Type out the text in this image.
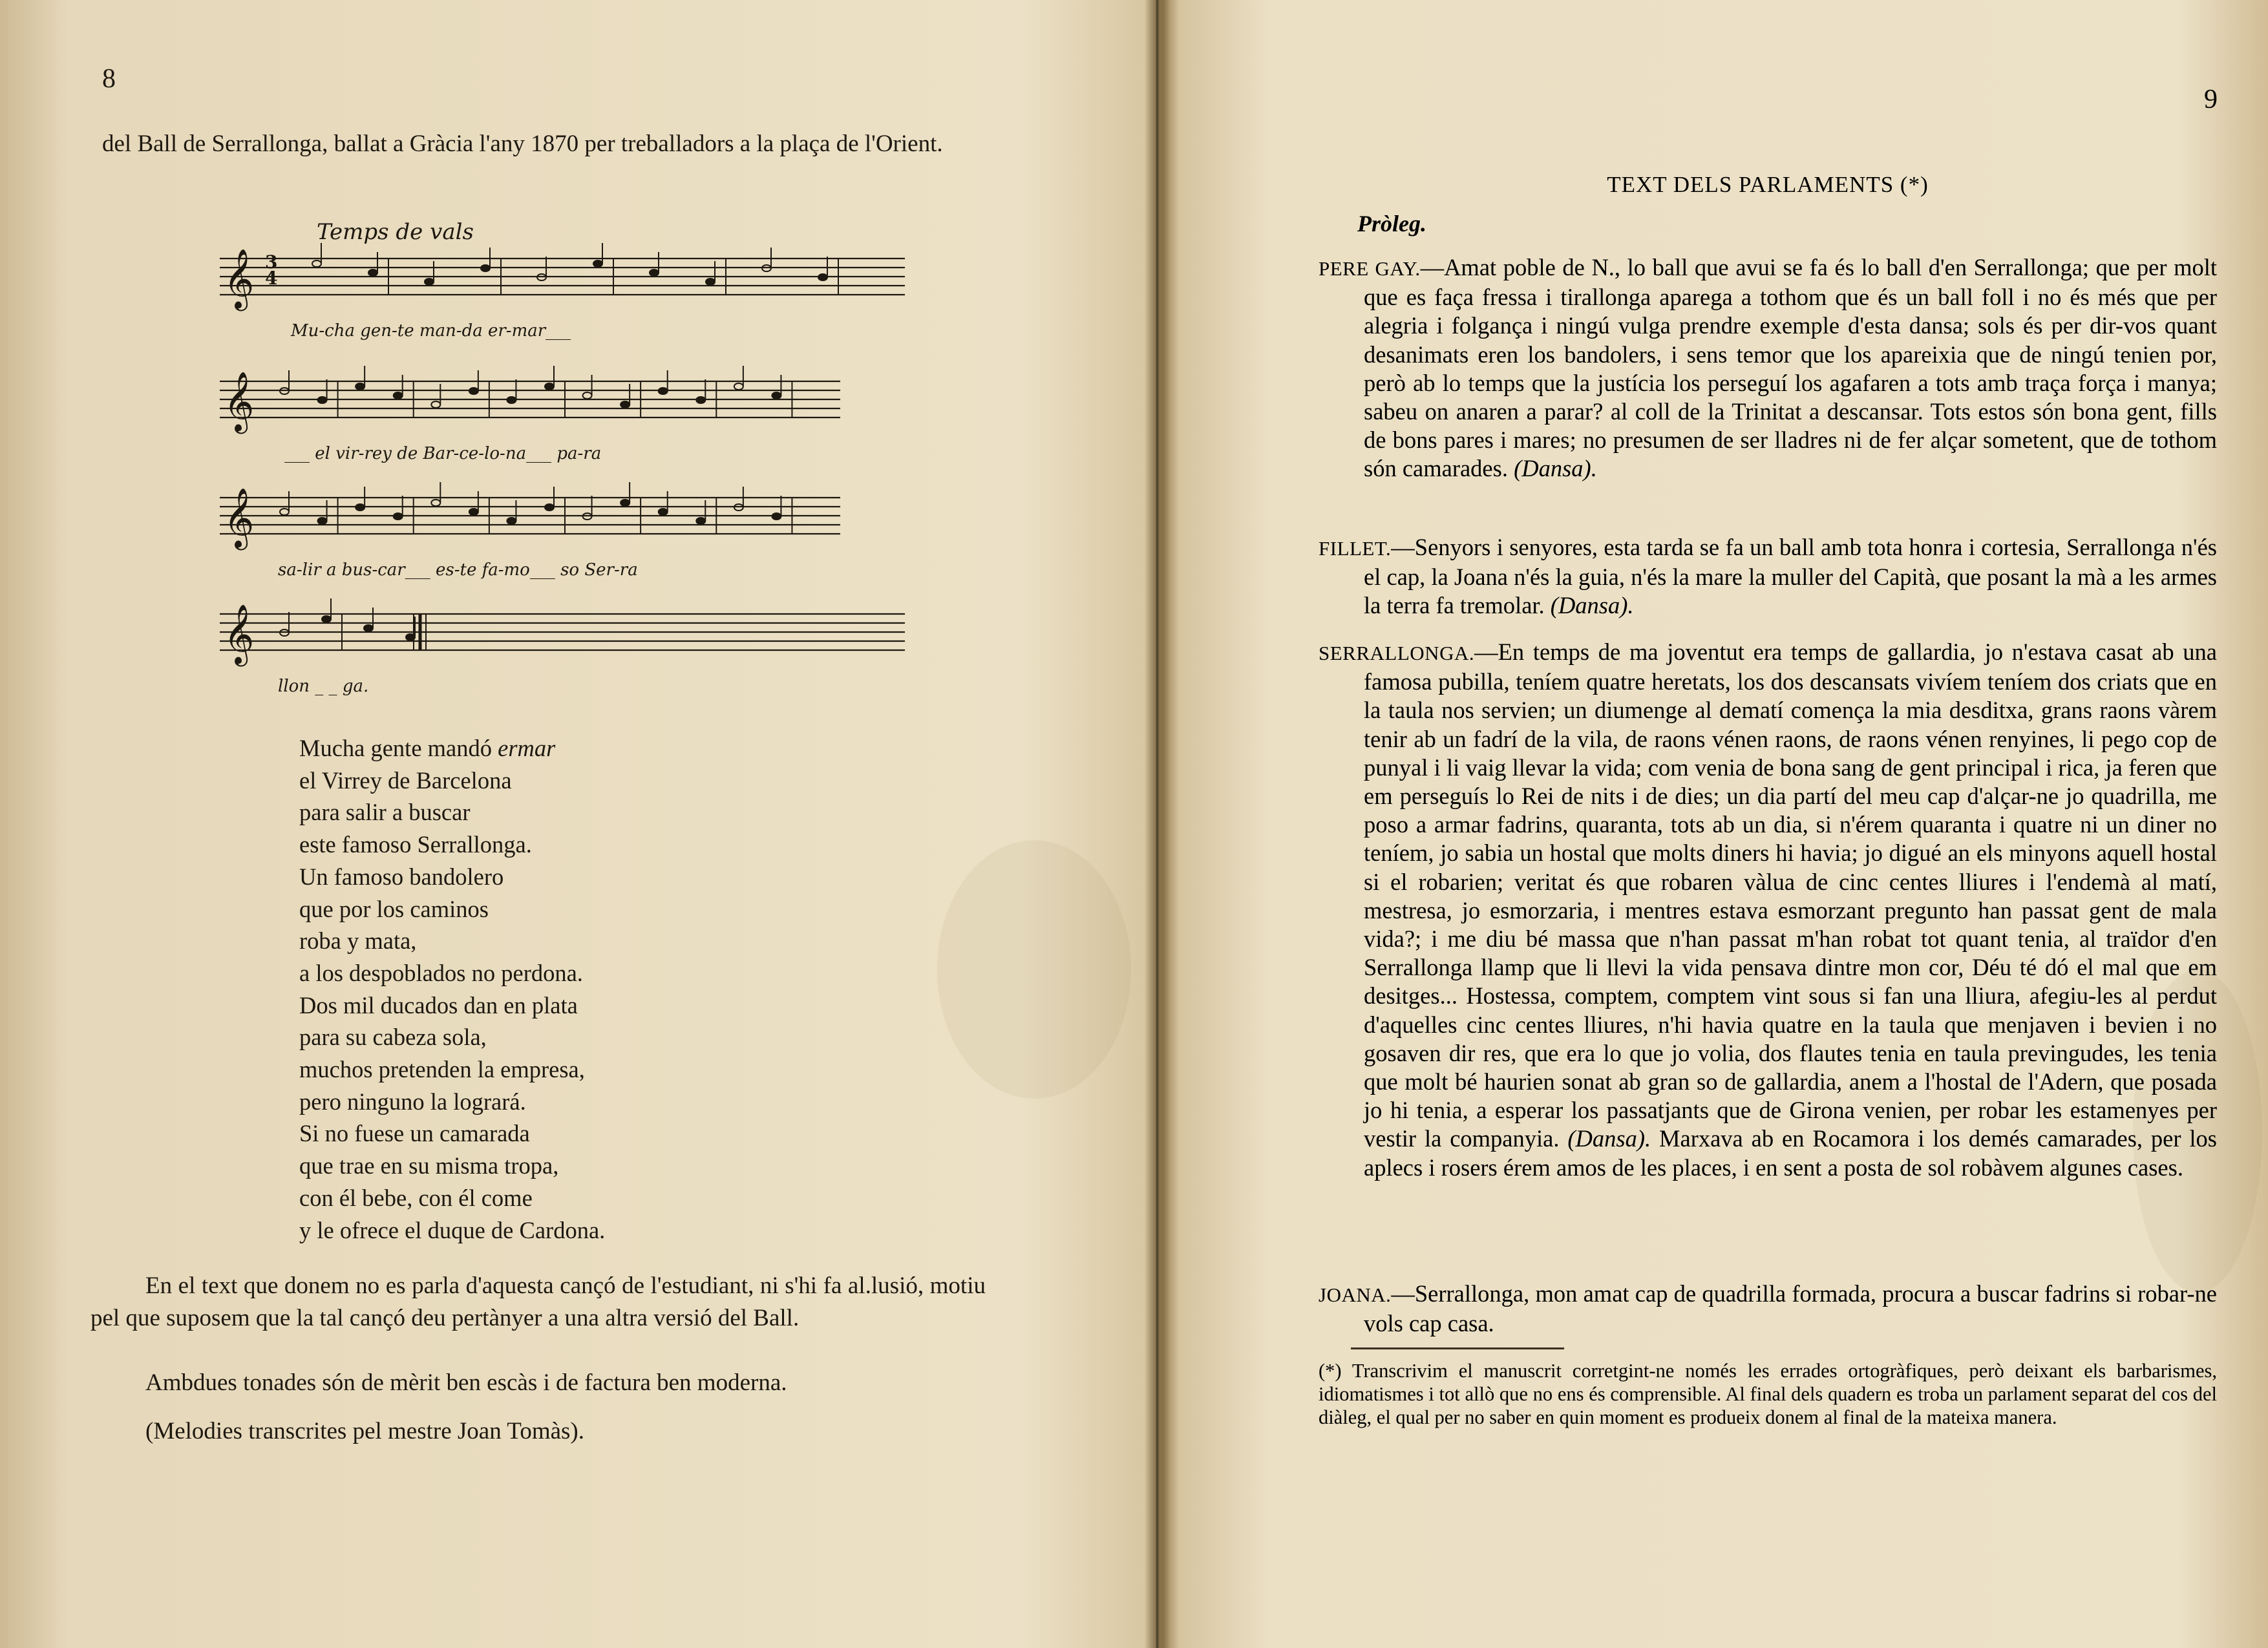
8
del Ball de Serrallonga, ballat a Gràcia l'any 1870 per treballadors a la plaça de l'Orient.
𝄞
𝄞
𝄞
𝄞
Temps de vals
3
4
Mu-cha gen-te man-da er-mar___
___ el vir-rey de Bar-ce-lo-na___ pa-ra
sa-lir a bus-car___ es-te fa-mo___ so Ser-ra
llon _ _ ga.
Mucha gente mandó ermar
el Virrey de Barcelona
para salir a buscar
este famoso Serrallonga.
Un famoso bandolero
que por los caminos
roba y mata,
a los despoblados no perdona.
Dos mil ducados dan en plata
para su cabeza sola,
muchos pretenden la empresa,
pero ninguno la logrará.
Si no fuese un camarada
que trae en su misma tropa,
con él bebe, con él come
y le ofrece el duque de Cardona.
En el text que donem no es parla d'aquesta cançó de l'estudiant, ni s'hi fa al.lusió, motiu pel que suposem que la tal cançó deu pertànyer a una altra versió del Ball.
Ambdues tonades són de mèrit ben escàs i de factura ben moderna.
(Melodies transcrites pel mestre Joan Tomàs).
9
TEXT DELS PARLAMENTS (*)
Pròleg.
PERE GAY.—Amat poble de N., lo ball que avui se fa és lo ball d'en Serrallonga; que per molt que es faça fressa i tirallonga aparega a tothom que és un ball foll i no és més que per alegria i folgança i ningú vulga prendre exemple d'esta dansa; sols és per dir-vos quant desanimats eren los bandolers, i sens temor que los apareixia que de ningú tenien por, però ab lo temps que la justícia los perseguí los agafaren a tots amb traça força i manya; sabeu on anaren a parar? al coll de la Trinitat a descansar. Tots estos són bona gent, fills de bons pares i mares; no presumen de ser lladres ni de fer alçar sometent, que de tothom són camarades. (Dansa).
FILLET.—Senyors i senyores, esta tarda se fa un ball amb tota honra i cortesia, Serrallonga n'és el cap, la Joana n'és la guia, n'és la mare la muller del Capità, que posant la mà a les armes la terra fa tremolar. (Dansa).
SERRALLONGA.—En temps de ma joventut era temps de gallardia, jo n'estava casat ab una famosa pubilla, teníem quatre heretats, los dos descansats vivíem teníem dos criats que en la taula nos servien; un diumenge al dematí comença la mia desditxa, grans raons vàrem tenir ab un fadrí de la vila, de raons vénen raons, de raons vénen renyines, li pego cop de punyal i li vaig llevar la vida; com venia de bona sang de gent principal i rica, ja feren que em perseguís lo Rei de nits i de dies; un dia partí del meu cap d'alçar-ne jo quadrilla, me poso a armar fadrins, quaranta, tots ab un dia, si n'érem quaranta i quatre ni un diner no teníem, jo sabia un hostal que molts diners hi havia; jo digué an els minyons aquell hostal si el robarien; veritat és que robaren vàlua de cinc centes lliures i l'endemà al matí, mestresa, jo esmorzaria, i mentres estava esmorzant pregunto han passat gent de mala vida?; i me diu bé massa que n'han passat m'han robat tot quant tenia, al traïdor d'en Serrallonga llamp que li llevi la vida pensava dintre mon cor, Déu té dó el mal que em desitges... Hostessa, comptem, comptem vint sous si fan una lliura, afegiu-les al perdut d'aquelles cinc centes lliures, n'hi havia quatre en la taula que menjaven i bevien i no gosaven dir res, que era lo que jo volia, dos flautes tenia en taula previngudes, les tenia que molt bé haurien sonat ab gran so de gallardia, anem a l'hostal de l'Adern, que posada jo hi tenia, a esperar los passatjants que de Girona venien, per robar les estamenyes per vestir la companyia. (Dansa). Marxava ab en Rocamora i los demés camarades, per los aplecs i rosers érem amos de les places, i en sent a posta de sol robàvem algunes cases.
JOANA.—Serrallonga, mon amat cap de quadrilla formada, procura a buscar fadrins si robar-ne vols cap casa.
(*) Transcrivim el manuscrit corretgint-ne només les errades ortogràfiques, però deixant els barbarismes, idiomatismes i tot allò que no ens és comprensible. Al final dels quadern es troba un parlament separat del cos del diàleg, el qual per no saber en quin moment es produeix donem al final de la mateixa manera.
